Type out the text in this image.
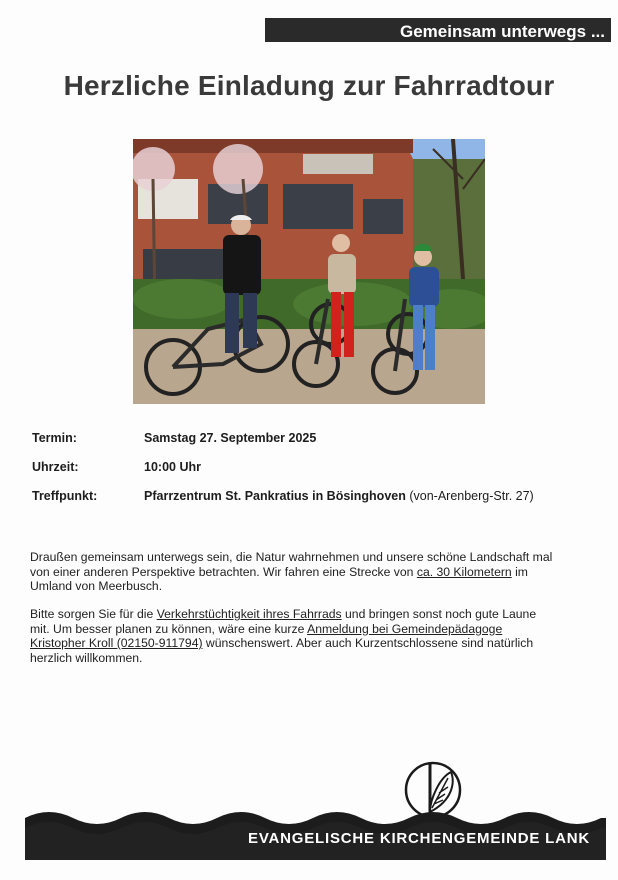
Gemeinsam unterwegs ...
Herzliche Einladung zur Fahrradtour
Termin:	Samstag 27. September 2025
Uhrzeit:	10:00 Uhr
Treffpunkt:	Pfarrzentrum St. Pankratius in Bösinghoven (von-Arenberg-Str. 27)
Draußen gemeinsam unterwegs sein, die Natur wahrnehmen und unsere schöne Landschaft mal
von einer anderen Perspektive betrachten. Wir fahren eine Strecke von ca. 30 Kilometern im
Umland von Meerbusch.
Bitte sorgen Sie für die Verkehrstüchtigkeit ihres Fahrrads und bringen sonst noch gute Laune
mit. Um besser planen zu können, wäre eine kurze Anmeldung bei Gemeindepädagoge
Kristopher Kroll (02150-911794) wünschenswert. Aber auch Kurzentschlossene sind natürlich
herzlich willkommen.
EVANGELISCHE KIRCHENGEMEINDE LANK
